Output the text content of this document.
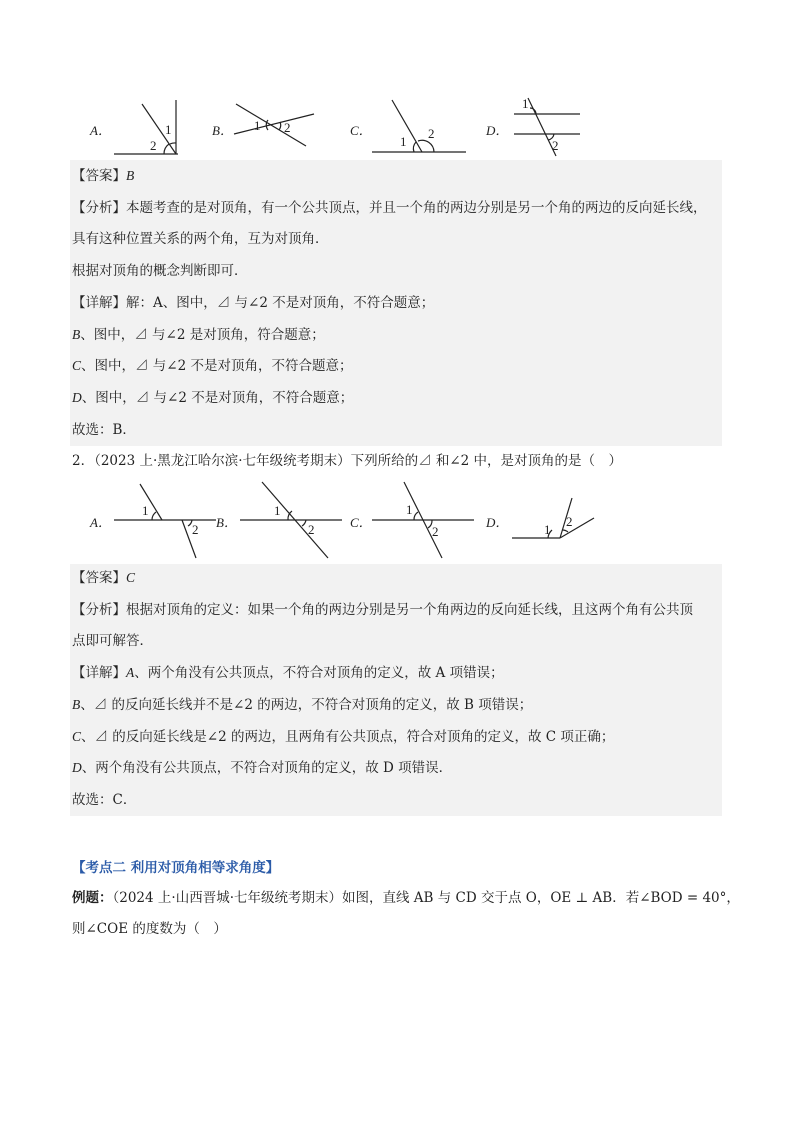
A．
2
1	B． 1 2	C．
1
2	D．
1
2
【答案】B
【分析】本题考查的是对顶角，有一个公共顶点，并且一个角的两边分别是另一个角的两边的反向延长线，
具有这种位置关系的两个角，互为对顶角．
根据对顶角的概念判断即可．
【详解】解：A、图中，⊿ 与∠2 不是对顶角，不符合题意；
B、图中，⊿ 与∠2 是对顶角，符合题意；
C、图中，⊿ 与∠2 不是对顶角，不符合题意；
D、图中，⊿ 与∠2 不是对顶角，不符合题意；
故选：B．
2．（2023 上·黑龙江哈尔滨·七年级统考期末）下列所给的⊿ 和∠2 中，是对顶角的是（　）
A．
1
2 B．
1
2	C．
1
2
D．	1
2
【答案】C
【分析】根据对顶角的定义：如果一个角的两边分别是另一个角两边的反向延长线，且这两个角有公共顶
点即可解答．
【详解】A、两个角没有公共顶点，不符合对顶角的定义，故 A 项错误；
B、⊿ 的反向延长线并不是∠2 的两边，不符合对顶角的定义，故 B 项错误；
C、⊿ 的反向延长线是∠2 的两边，且两角有公共顶点，符合对顶角的定义，故 C 项正确；
D、两个角没有公共顶点，不符合对顶角的定义，故 D 项错误．
故选：C．
【考点二 利用对顶角相等求角度】
例题：（2024 上·山西晋城·七年级统考期末）如图，直线 AB 与 CD 交于点 O，OE ⊥ AB．若∠BOD = 40°，
则∠COE 的度数为（　）
